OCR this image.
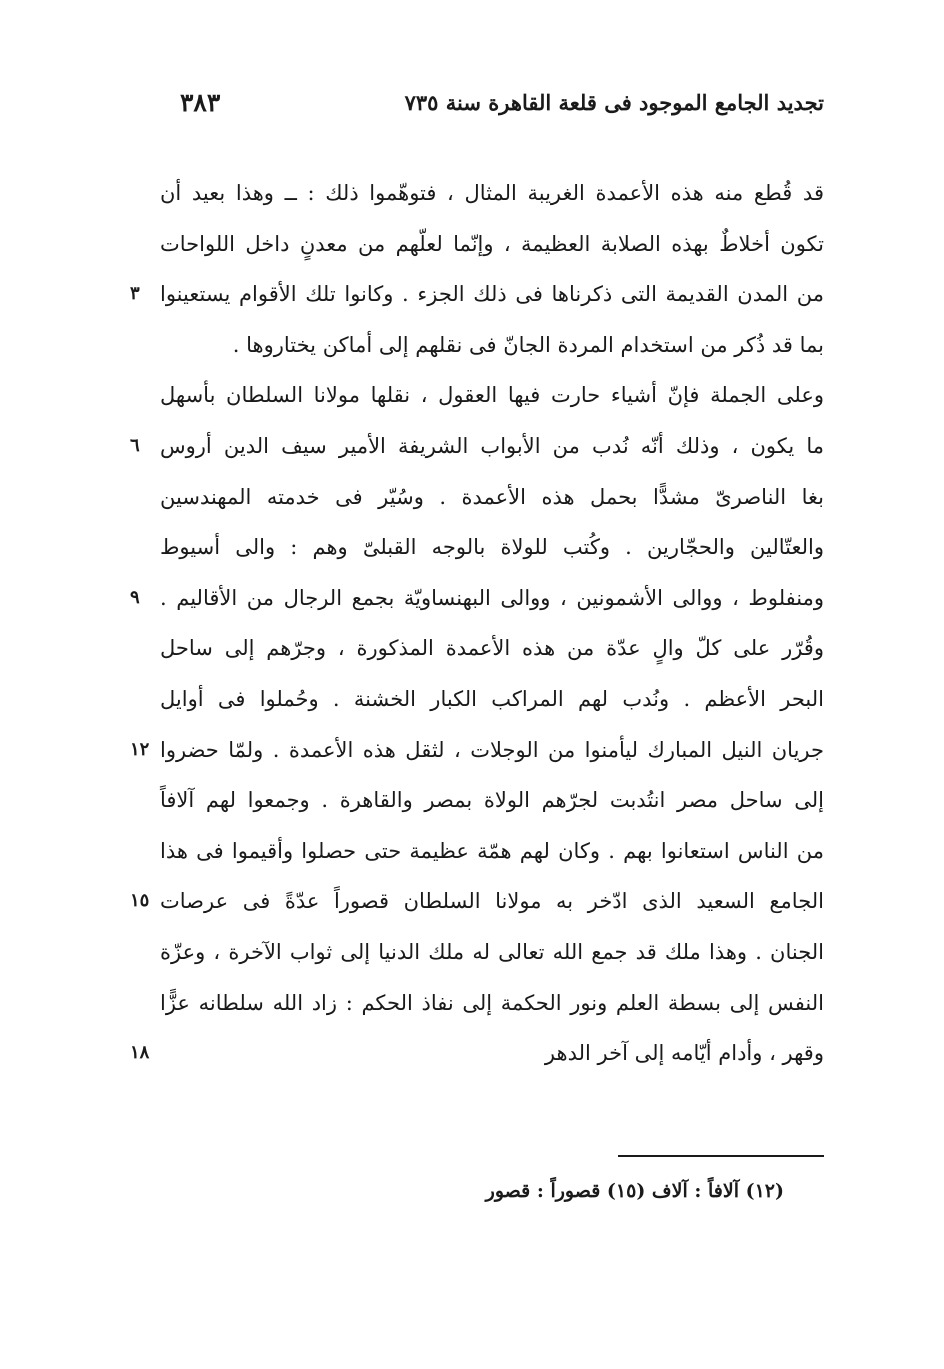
٣٨٣	تجديد الجامع الموجود فى قلعة القاهرة سنة ٧٣٥
قد قُطع منه هذه الأعمدة الغريبة المثال ، فتوهّموا ذلك : ــ وهذا بعيد أن
تكون أخلاطٌ بهذه الصلابة العظيمة ، وإنّما لعلّهم من معدنٍ داخل اللواحات
من المدن القديمة التى ذكرناها فى ذلك الجزء . وكانوا تلك الأقوام يستعينوا
٣
بما قد ذُكر من استخدام المردة الجانّ فى نقلهم إلى أماكن يختاروها .
وعلى الجملة فإنّ أشياء حارت فيها العقول ، نقلها مولانا السلطان بأسهل
ما يكون ، وذلك أنّه نُدب من الأبواب الشريفة الأمير سيف الدين أروس
٦
بغا الناصرىّ مشدًّا بحمل هذه الأعمدة . وسُيّر فى خدمته المهندسين
والعتّالين والحجّارين . وكُتب للولاة بالوجه القبلىّ وهم : والى أسيوط
ومنفلوط ، ووالى الأشمونين ، ووالى البهنساويّة بجمع الرجال من الأقاليم .
٩
وقُرّر على كلّ والٍ عدّة من هذه الأعمدة المذكورة ، وجرّهم إلى ساحل
البحر الأعظم . ونُدب لهم المراكب الكبار الخشنة . وحُملوا فى أوايل
جريان النيل المبارك ليأمنوا من الوجلات ، لثقل هذه الأعمدة . ولمّا حضروا
١٢
إلى ساحل مصر انتُدبت لجرّهم الولاة بمصر والقاهرة . وجمعوا لهم آلافاً
من الناس استعانوا بهم . وكان لهم همّة عظيمة حتى حصلوا وأقيموا فى هذا
الجامع السعيد الذى ادّخر به مولانا السلطان قصوراً عدّةً فى عرصات
١٥
الجنان . وهذا ملك قد جمع الله تعالى له ملك الدنيا إلى ثواب الآخرة ، وعزّة
النفس إلى بسطة العلم ونور الحكمة إلى نفاذ الحكم : زاد الله سلطانه عزًّا
وقهر ، وأدام أيّامه إلى آخر الدهر
١٨
(١٢) آلافاً : آلاف (١٥) قصوراً : قصور
